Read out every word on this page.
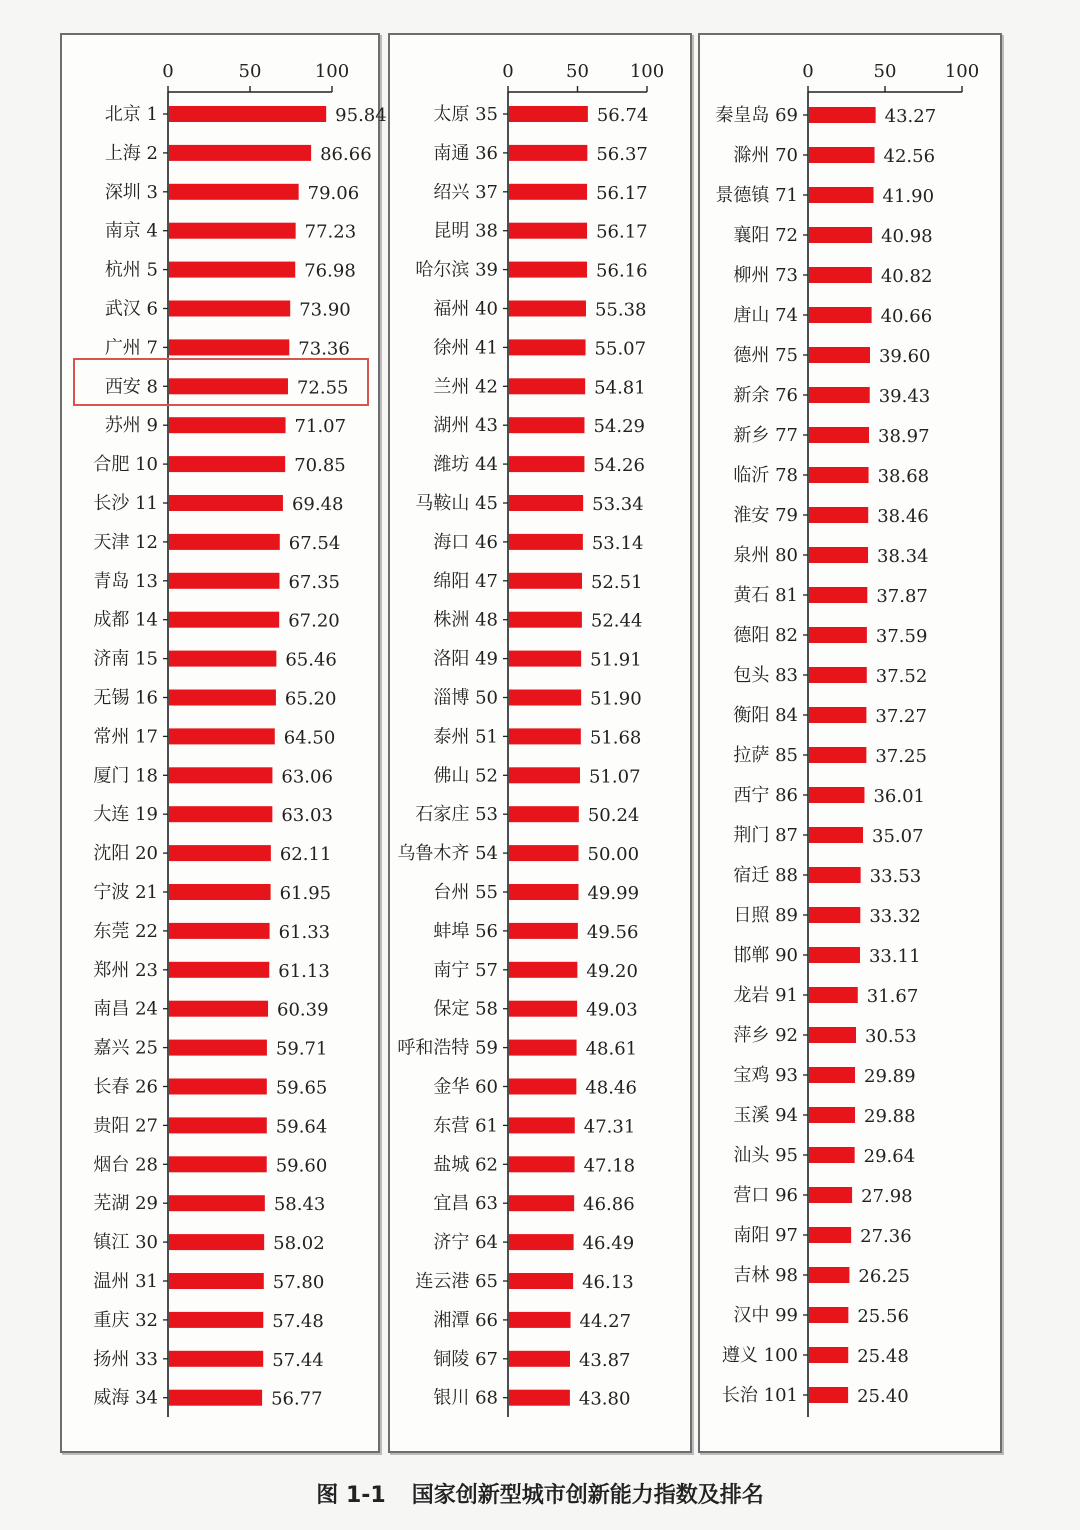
0	50	100
北京 1	95.84
上海 2	86.66
深圳 3	79.06
南京 4	77.23
杭州 5	76.98
武汉 6	73.90
广州 7	73.36
西安 8	72.55
苏州 9	71.07
合肥 10	70.85
长沙 11	69.48
天津 12	67.54
青岛 13	67.35
成都 14	67.20
济南 15	65.46
无锡 16	65.20
常州 17	64.50
厦门 18	63.06
大连 19	63.03
沈阳 20	62.11
宁波 21	61.95
东莞 22	61.33
郑州 23	61.13
南昌 24	60.39
嘉兴 25	59.71
长春 26	59.65
贵阳 27	59.64
烟台 28	59.60
芜湖 29	58.43
镇江 30	58.02
温州 31	57.80
重庆 32	57.48
扬州 33	57.44
威海 34	56.77
0	50 100
太原 35	56.74
南通 36	56.37
绍兴 37	56.17
昆明 38	56.17
哈尔滨 39	56.16
福州 40	55.38
徐州 41	55.07
兰州 42	54.81
湖州 43	54.29
潍坊 44	54.26
马鞍山 45	53.34
海口 46	53.14
绵阳 47	52.51
株洲 48	52.44
洛阳 49	51.91
淄博 50	51.90
泰州 51	51.68
佛山 52	51.07
石家庄 53	50.24
乌鲁木齐 54	50.00
台州 55	49.99
蚌埠 56	49.56
南宁 57	49.20
保定 58	49.03
呼和浩特 59	48.61
金华 60	48.46
东营 61	47.31
盐城 62	47.18
宜昌 63	46.86
济宁 64	46.49
连云港 65	46.13
湘潭 66	44.27
铜陵 67	43.87
银川 68	43.80
0	50	100
秦皇岛 69	43.27
滁州 70	42.56
景德镇 71	41.90
襄阳 72	40.98
柳州 73	40.82
唐山 74	40.66
德州 75	39.60
新余 76	39.43
新乡 77	38.97
临沂 78	38.68
淮安 79	38.46
泉州 80	38.34
黄石 81	37.87
德阳 82	37.59
包头 83	37.52
衡阳 84	37.27
拉萨 85	37.25
西宁 86	36.01
荆门 87	35.07
宿迁 88	33.53
日照 89	33.32
邯郸 90	33.11
龙岩 91	31.67
萍乡 92	30.53
宝鸡 93	29.89
玉溪 94	29.88
汕头 95	29.64
营口 96	27.98
南阳 97	27.36
吉林 98	26.25
汉中 99	25.56
遵义 100	25.48
长治 101	25.40
图 1-1 国家创新型城市创新能力指数及排名
